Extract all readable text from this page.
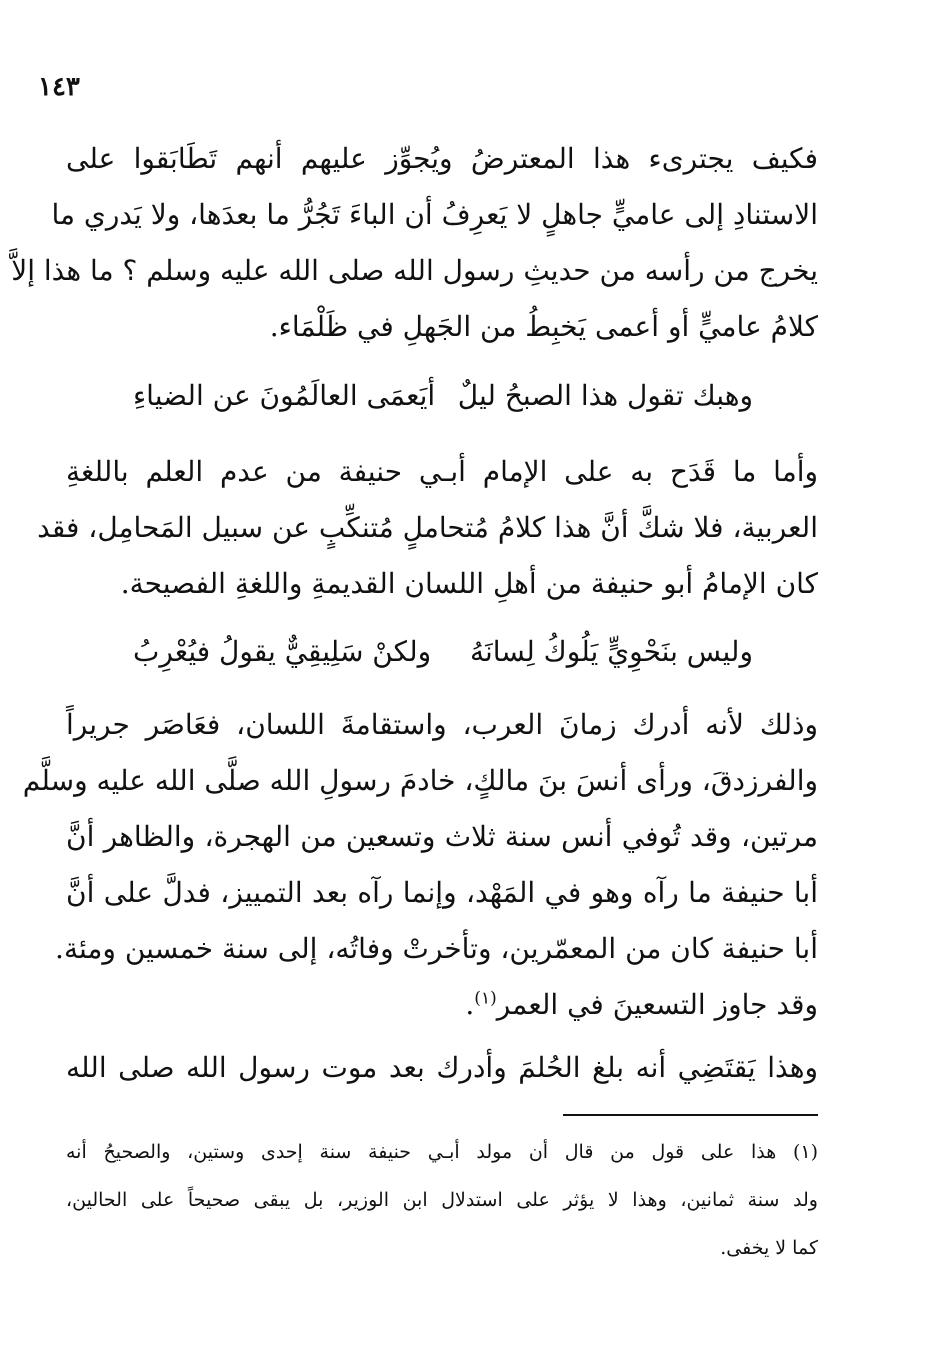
١٤٣
فكيف يجترىء هذا المعترضُ ويُجوِّز عليهم أنهم تَطَابَقوا على
الاستنادِ إلى عاميٍّ جاهلٍ لا يَعرِفُ أن الباءَ تَجُرُّ ما بعدَها، ولا يَدري ما
يخرج من رأسه من حديثِ رسول الله صلى الله عليه وسلم ؟ ما هذا إلاَّ
كلامُ عاميٍّ أو أعمى يَخبِطُ من الجَهلِ في ظَلْمَاء.
وهبك تقول هذا الصبحُ ليلٌ
أيَعمَى العالَمُونَ عن الضياءِ
وأما ما قَدَح به على الإمام أبـي حنيفة من عدم العلم باللغةِ
العربية، فلا شكَّ أنَّ هذا كلامُ مُتحاملٍ مُتنكِّبٍ عن سبيل المَحامِل، فقد
كان الإمامُ أبو حنيفة من أهلِ اللسان القديمةِ واللغةِ الفصيحة.
وليس بنَحْوِيٍّ يَلُوكُ لِسانَهُ
ولكنْ سَلِيقِيٌّ يقولُ فيُعْرِبُ
وذلك لأنه أدرك زمانَ العرب، واستقامةَ اللسان، فعَاصَر جريراً
والفرزدقَ، ورأى أنسَ بنَ مالكٍ، خادمَ رسولِ الله صلَّى الله عليه وسلَّم
مرتين، وقد تُوفي أنس سنة ثلاث وتسعين من الهجرة، والظاهر أنَّ
أبا حنيفة ما رآه وهو في المَهْد، وإنما رآه بعد التمييز، فدلَّ على أنَّ
أبا حنيفة كان من المعمّرين، وتأخرتْ وفاتُه، إلى سنة خمسين ومئة.
وقد جاوز التسعينَ في العمر$^{(١)}$.
وهذا يَقتَضِي أنه بلغ الحُلمَ وأدرك بعد موت رسول الله صلى الله
(١) هذا على قول من قال أن مولد أبـي حنيفة سنة إحدى وستين، والصحيحُ أنه
ولد سنة ثمانين، وهذا لا يؤثر على استدلال ابن الوزير، بل يبقى صحيحاً على الحالين،
كما لا يخفى.
